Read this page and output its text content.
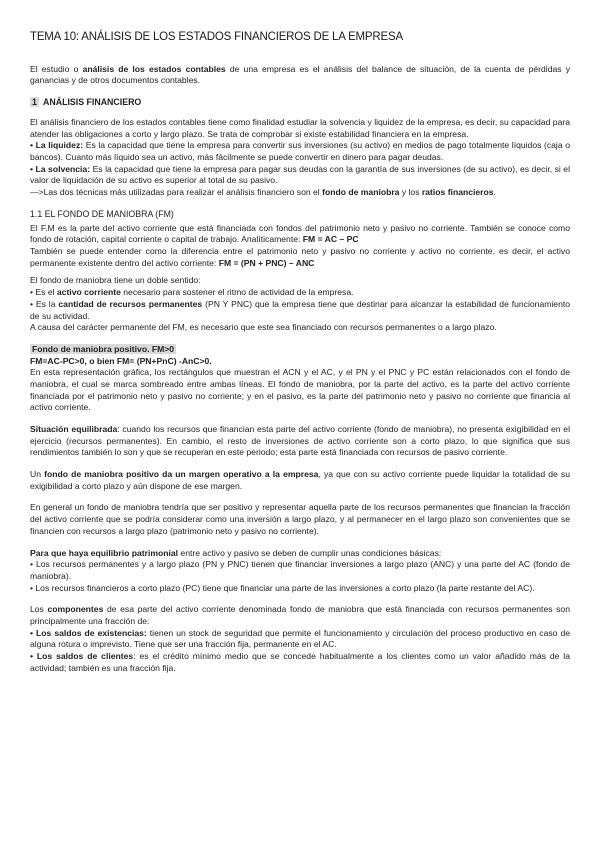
TEMA 10: ANÁLISIS DE LOS ESTADOS FINANCIEROS DE LA EMPRESA

El estudio o análisis de los estados contables de una empresa es el análisis del balance de situación, de la cuenta de pérdidas y ganancias y de otros documentos contables.

1 ANÁLISIS FINANCIERO

El análisis financiero de los estados contables tiene como finalidad estudiar la solvencia y liquidez de la empresa, es decir, su capacidad para atender las obligaciones a corto y largo plazo. Se trata de comprobar si existe estabilidad financiera en la empresa.

• La liquidez: Es la capacidad que tiene la empresa para convertir sus inversiones (su activo) en medios de pago totalmente líquidos (caja o bancos). Cuanto más líquido sea un activo, más fácilmente se puede convertir en dinero para pagar deudas.

• La solvencia: Es la capacidad que tiene la empresa para pagar sus deudas con la garantía de sus inversiones (de su activo), es decir, si el valor de liquidación de su activo es superior al total de su pasivo.

—>Las dos técnicas más utilizadas para realizar el análisis financiero son el fondo de maniobra y los ratios financieros.

1.1 EL FONDO DE MANIOBRA (FM)

El F.M es la parte del activo corriente que está financiada con fondos del patrimonio neto y pasivo no corriente. También se conoce como fondo de rotación, capital corriente o capital de trabajo. Analíticamente: FM = AC – PC

También se puede entender como la diferencia entre el patrimonio neto y pasivo no corriente y activo no corriente, es decir, el activo permanente existente dentro del activo corriente: FM = (PN + PNC) – ANC

El fondo de maniobra tiene un doble sentido:

• Es el activo corriente necesario para sostener el ritmo de actividad de la empresa.

• Es la cantidad de recursos permanentes (PN Y PNC) que la empresa tiene que destinar para alcanzar la estabilidad de funcionamiento de su actividad.

A causa del carácter permanente del FM, es necesario que este sea financiado con recursos permanentes o a largo plazo.

Fondo de maniobra positivo. FM>0
FM=AC-PC>0, o bien FM= (PN+PnC) -AnC>0.

En esta representación gráfica, los rectángulos que muestran el ACN y el AC, y el PN y el PNC y PC están relacionados con el fondo de maniobra, el cual se marca sombreado entre ambas líneas. El fondo de maniobra, por la parte del activo, es la parte del activo corriente financiada por el patrimonio neto y pasivo no corriente; y en el pasivo, es la parte del patrimonio neto y pasivo no corriente que financia al activo corriente.

Situación equilibrada: cuando los recursos que financian esta parte del activo corriente (fondo de maniobra), no presenta exigibilidad en el ejercicio (recursos permanentes). En cambio, el resto de inversiones de activo corriente son a corto plazo, lo que significa que sus rendimientos también lo son y que se recuperan en este periodo; esta parte está financiada con recursos de pasivo corriente.

Un fondo de maniobra positivo da un margen operativo a la empresa, ya que con su activo corriente puede liquidar la totalidad de su exigibilidad a corto plazo y aún dispone de ese margen.

En general un fondo de maniobra tendría que ser positivo y representar aquella parte de los recursos permanentes que financian la fracción del activo corriente que se podría considerar como una inversión a largo plazo, y al permanecer en el largo plazo son convenientes que se financien con recursos a largo plazo (patrimonio neto y pasivo no corriente).

Para que haya equilibrio patrimonial entre activo y pasivo se deben de cumplir unas condiciones básicas:

• Los recursos permanentes y a largo plazo (PN y PNC) tienen que financiar inversiones a largo plazo (ANC) y una parte del AC (fondo de maniobra).

• Los recursos financieros a corto plazo (PC) tiene que financiar una parte de las inversiones a corto plazo (la parte restante del AC).

Los componentes de esa parte del activo corriente denominada fondo de maniobra que está financiada con recursos permanentes son principalmente una fracción de:

• Los saldos de existencias: tienen un stock de seguridad que permite el funcionamiento y circulación del proceso productivo en caso de alguna rotura o imprevisto. Tiene que ser una fracción fija, permanente en el AC.

• Los saldos de clientes: es el crédito mínimo medio que se concede habitualmente a los clientes como un valor añadido más de la actividad; también es una fracción fija.
